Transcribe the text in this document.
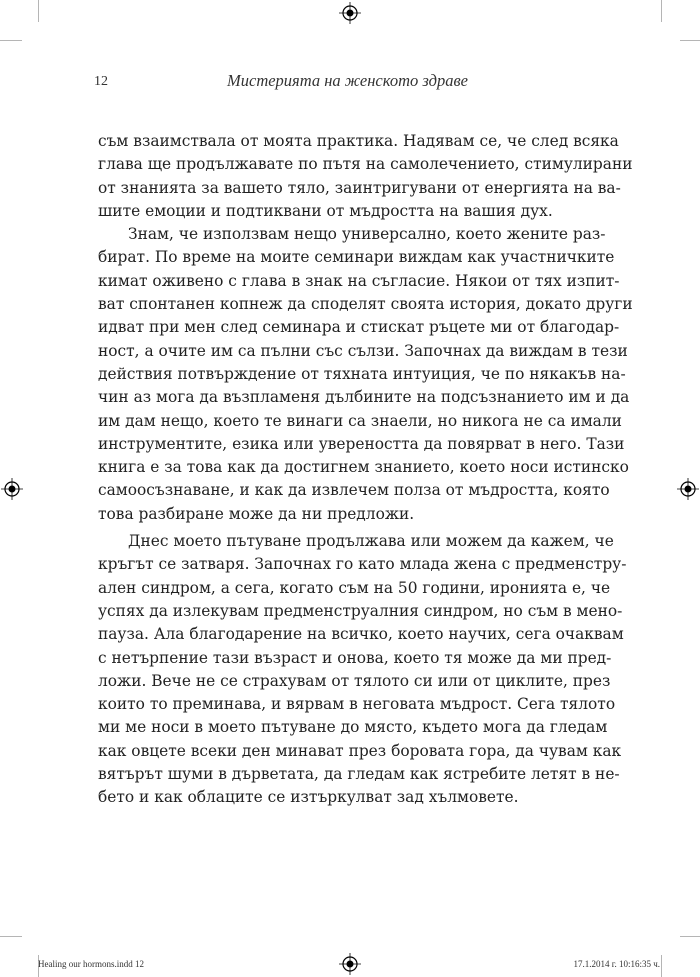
12	Мистерията на женското здраве

съм взаимствала от моята практика. Надявам се, че след всяка
глава ще продължавате по пътя на самолечението, стимулирани
от знанията за вашето тяло, заинтригувани от енергията на ва-
шите емоции и подтиквани от мъдростта на вашия дух.

Знам, че използвам нещо универсално, което жените раз-
бират. По време на моите семинари виждам как участничките
кимат оживено с глава в знак на съгласие. Някои от тях изпит-
ват спонтанен копнеж да споделят своята история, докато други
идват при мен след семинара и стискат ръцете ми от благодар-
ност, а очите им са пълни със сълзи. Започнах да виждам в тези
действия потвърждение от тяхната интуиция, че по някакъв на-
чин аз мога да възпламеня дълбините на подсъзнанието им и да
им дам нещо, което те винаги са знаели, но никога не са имали
инструментите, езика или увереността да повярват в него. Тази
книга е за това как да достигнем знанието, което носи истинско
самоосъзнаване, и как да извлечем полза от мъдростта, която
това разбиране може да ни предложи.

Днес моето пътуване продължава или можем да кажем, че
кръгът се затваря. Започнах го като млада жена с предменстру-
ален синдром, а сега, когато съм на 50 години, иронията е, че
успях да излекувам предменструалния синдром, но съм в мено-
пауза. Ала благодарение на всичко, което научих, сега очаквам
с нетърпение тази възраст и онова, което тя може да ми пред-
ложи. Вече не се страхувам от тялото си или от циклите, през
които то преминава, и вярвам в неговата мъдрост. Сега тялото
ми ме носи в моето пътуване до място, където мога да гледам
как овцете всеки ден минават през боровата гора, да чувам как
вятърът шуми в дърветата, да гледам как ястребите летят в не-
бето и как облаците се изтъркулват зад хълмовете.

Healing our hormons.indd 12	17.1.2014 г. 10:16:35 ч.
